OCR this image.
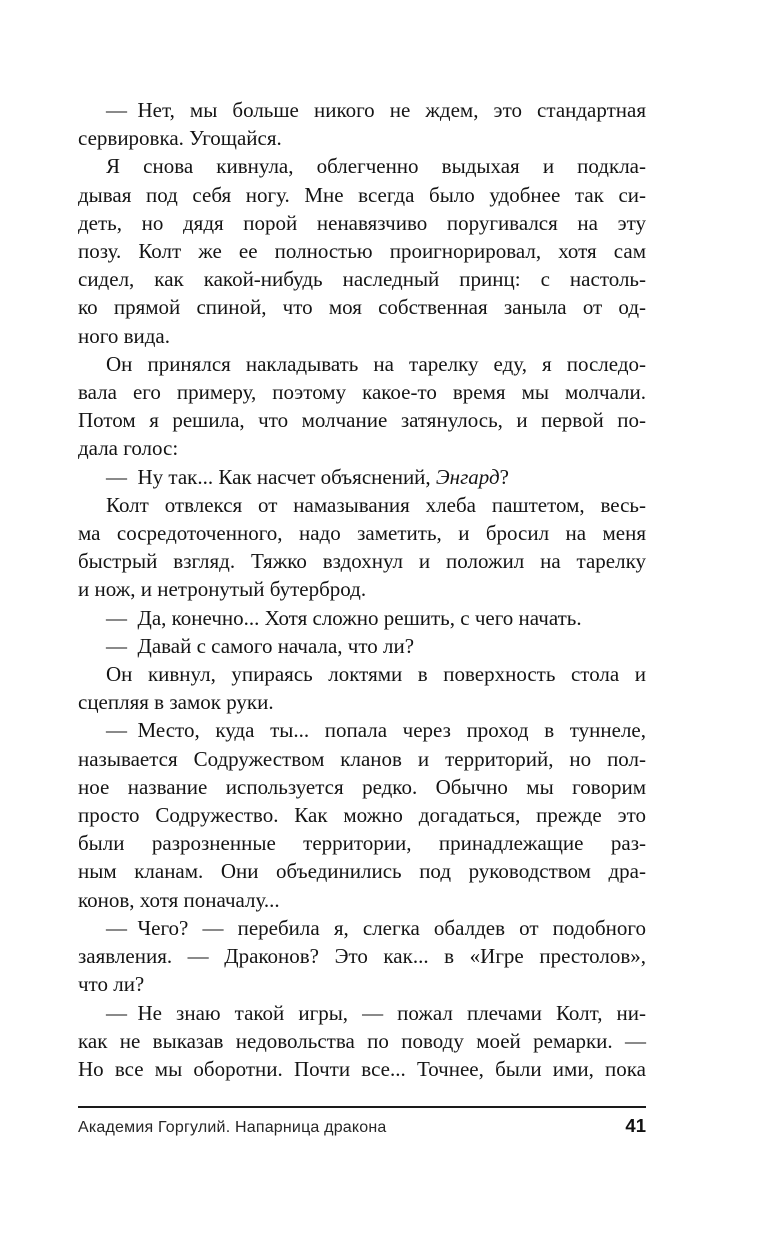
— Нет, мы больше никого не ждем, это стандартная
сервировка. Угощайся.
Я снова кивнула, облегченно выдыхая и подкла-
дывая под себя ногу. Мне всегда было удобнее так си-
деть, но дядя порой ненавязчиво поругивался на эту
позу. Колт же ее полностью проигнорировал, хотя сам
сидел, как какой-нибудь наследный принц: с настоль-
ко прямой спиной, что моя собственная заныла от од-
ного вида.
Он принялся накладывать на тарелку еду, я последо-
вала его примеру, поэтому какое-то время мы молчали.
Потом я решила, что молчание затянулось, и первой по-
дала голос:
— Ну так... Как насчет объяснений, Энгард?
Колт отвлекся от намазывания хлеба паштетом, весь-
ма сосредоточенного, надо заметить, и бросил на меня
быстрый взгляд. Тяжко вздохнул и положил на тарелку
и нож, и нетронутый бутерброд.
— Да, конечно... Хотя сложно решить, с чего начать.
— Давай с самого начала, что ли?
Он кивнул, упираясь локтями в поверхность стола и
сцепляя в замок руки.
— Место, куда ты... попала через проход в туннеле,
называется Содружеством кланов и территорий, но пол-
ное название используется редко. Обычно мы говорим
просто Содружество. Как можно догадаться, прежде это
были разрозненные территории, принадлежащие раз-
ным кланам. Они объединились под руководством дра-
конов, хотя поначалу...
— Чего? — перебила я, слегка обалдев от подобного
заявления. — Драконов? Это как... в «Игре престолов»,
что ли?
— Не знаю такой игры, — пожал плечами Колт, ни-
как не выказав недовольства по поводу моей ремарки. —
Но все мы оборотни. Почти все... Точнее, были ими, пока
Академия Горгулий. Напарница дракона	41
